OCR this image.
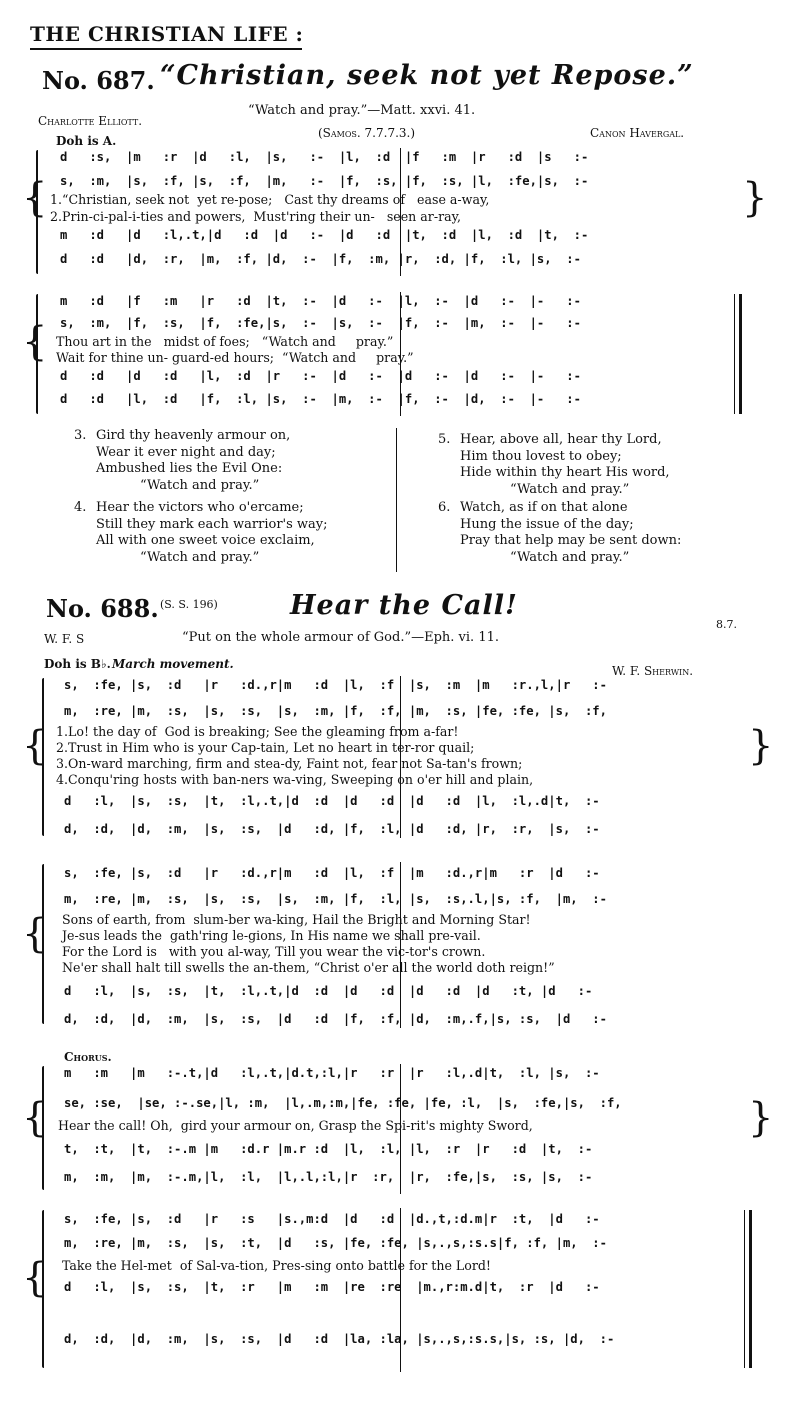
THE CHRISTIAN LIFE :
No. 687. “Christian, seek not yet Repose.”
“Watch and pray.”—Matt. xxvi. 41.
Charlotte Elliott.
(Samos. 7.7.7.3.)	Canon Havergal.
Doh is A.
{
d   :s,  |m   :r  |d   :l,  |s,   :-  |l,  :d  |f   :m  |r   :d  |s   :-
s,  :m,  |s,  :f, |s,  :f,  |m,   :-  |f,  :s, |f,  :s, |l,  :fe,|s,  :-
1.“Christian, seek not  yet re-pose;   Cast thy dreams of   ease a-way,
2.Prin-ci-pal-i-ties and powers,  Must'ring their un-   seen ar-ray,
m   :d   |d   :l,.t,|d   :d  |d   :-  |d   :d  |t,  :d  |l,  :d  |t,  :-
d   :d   |d,  :r,  |m,  :f, |d,  :-  |f,  :m, |r,  :d, |f,  :l, |s,  :-
}
{
m   :d   |f   :m   |r   :d  |t,  :-  |d   :-  |l,  :-  |d   :-  |-   :-
s,  :m,  |f,  :s,  |f,  :fe,|s,  :-  |s,  :-  |f,  :-  |m,  :-  |-   :-
Thou art in the   midst of foes;   “Watch and     pray.”
Wait for thine un- guard-ed hours;  “Watch and     pray.”
d   :d   |d   :d   |l,  :d  |r   :-  |d   :-  |d   :-  |d   :-  |-   :-
d   :d   |l,  :d   |f,  :l, |s,  :-  |m,  :-  |f,  :-  |d,  :-  |-   :-
3. Gird thy heavenly armour on,
Wear it ever night and day;
Ambushed lies the Evil One:
“Watch and pray.”
4. Hear the victors who o'ercame;
Still they mark each warrior's way;
All with one sweet voice exclaim,
“Watch and pray.”
5. Hear, above all, hear thy Lord,
Him thou lovest to obey;
Hide within thy heart His word,
“Watch and pray.”
6. Watch, as if on that alone
Hung the issue of the day;
Pray that help may be sent down:
“Watch and pray.”
No. 688. (S. S. 196)	Hear the Call!
8.7.
W. F. S	“Put on the whole armour of God.”—Eph. vi. 11.
Doh is B♭. March movement.	W. F. Sherwin.
{
s,  :fe, |s,  :d   |r   :d.,r|m   :d  |l,  :f  |s,  :m  |m   :r.,l,|r   :-
m,  :re, |m,  :s,  |s,  :s,  |s,  :m, |f,  :f, |m,  :s, |fe, :fe, |s,  :f,
1.Lo! the day of  God is breaking; See the gleaming from a-far!
2.Trust in Him who is your Cap-tain, Let no heart in ter-ror quail;
3.On-ward marching, firm and stea-dy, Faint not, fear not Sa-tan's frown;
4.Conqu'ring hosts with ban-ners wa-ving, Sweeping on o'er hill and plain,
d   :l,  |s,  :s,  |t,  :l,.t,|d  :d  |d   :d  |d   :d  |l,  :l,.d|t,  :-
d,  :d,  |d,  :m,  |s,  :s,  |d   :d, |f,  :l, |d   :d, |r,  :r,  |s,  :-
}
{
s,  :fe, |s,  :d   |r   :d.,r|m   :d  |l,  :f  |m   :d.,r|m   :r  |d   :-
m,  :re, |m,  :s,  |s,  :s,  |s,  :m, |f,  :l, |s,  :s,.l,|s, :f,  |m,  :-
Sons of earth, from  slum-ber wa-king, Hail the Bright and Morning Star!
Je-sus leads the  gath'ring le-gions, In His name we shall pre-vail.
For the Lord is   with you al-way, Till you wear the vic-tor's crown.
Ne'er shall halt till swells the an-them, “Christ o'er all the world doth reign!”
d   :l,  |s,  :s,  |t,  :l,.t,|d  :d  |d   :d  |d   :d  |d   :t, |d   :-
d,  :d,  |d,  :m,  |s,  :s,  |d   :d  |f,  :f, |d,  :m,.f,|s, :s,  |d   :-
Chorus.
{
m   :m   |m   :-.t,|d   :l,.t,|d.t,:l,|r   :r  |r   :l,.d|t,  :l, |s,  :-
se, :se,  |se, :-.se,|l, :m,  |l,.m,:m,|fe, :fe, |fe, :l,  |s,  :fe,|s,  :f,
Hear the call! Oh,  gird your armour on, Grasp the Spi-rit's mighty Sword,
t,  :t,  |t,  :-.m |m   :d.r |m.r :d  |l,  :l, |l,  :r  |r   :d  |t,  :-
m,  :m,  |m,  :-.m,|l,  :l,  |l,.l,:l,|r  :r,  |r,  :fe,|s,  :s, |s,  :-
}
{
s,  :fe, |s,  :d   |r   :s   |s.,m:d  |d   :d  |d.,t,:d.m|r  :t,  |d   :-
m,  :re, |m,  :s,  |s,  :t,  |d   :s, |fe, :fe, |s,.,s,:s.s|f, :f, |m,  :-
Take the Hel-met  of Sal-va-tion, Pres-sing onto battle for the Lord!
d   :l,  |s,  :s,  |t,  :r   |m   :m  |re  :re  |m.,r:m.d|t,  :r  |d   :-
d,  :d,  |d,  :m,  |s,  :s,  |d   :d  |la, :la, |s,.,s,:s.s,|s, :s, |d,  :-
